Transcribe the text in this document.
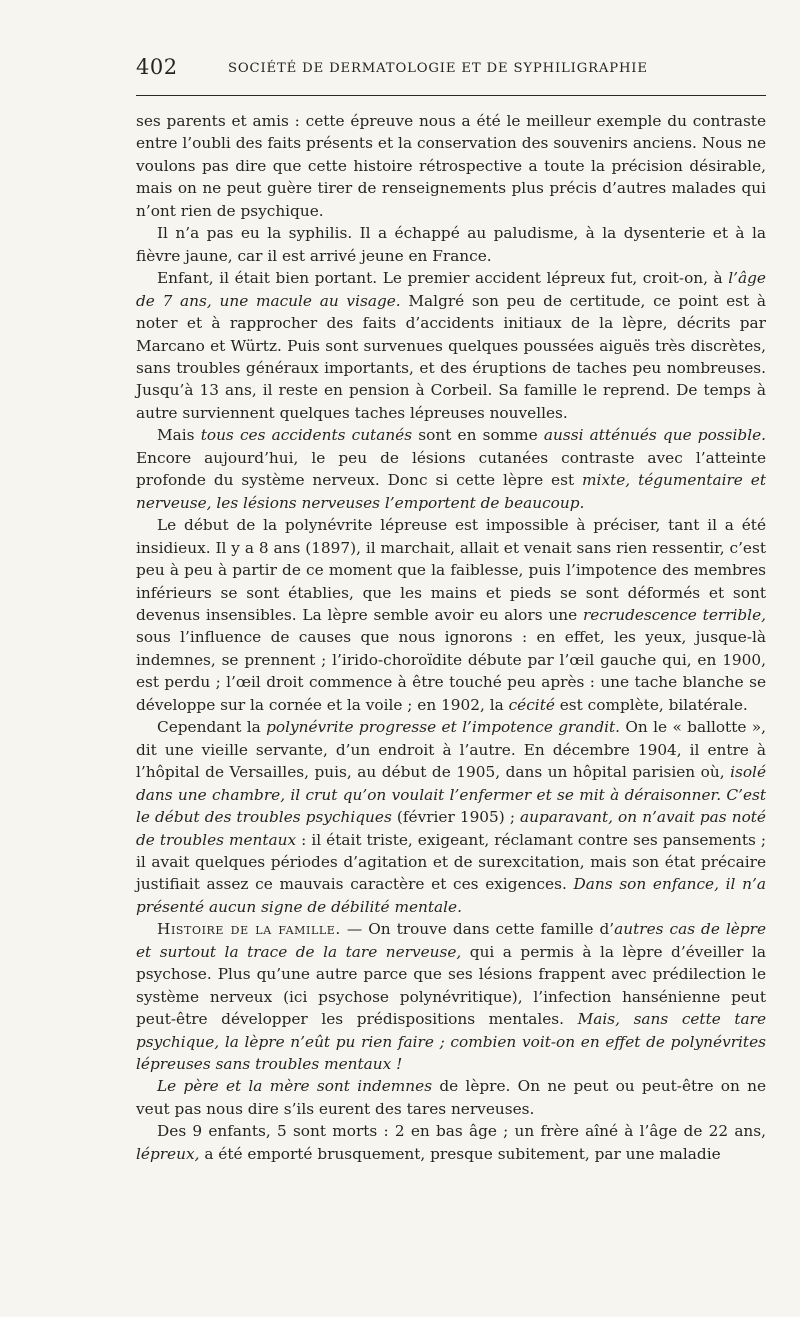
402	SOCIÉTÉ DE DERMATOLOGIE ET DE SYPHILIGRAPHIE

ses parents et amis : cette épreuve nous a été le meilleur exemple du contraste entre l’oubli des faits présents et la conservation des souvenirs anciens. Nous ne voulons pas dire que cette histoire rétrospective a toute la précision désirable, mais on ne peut guère tirer de renseignements plus précis d’autres malades qui n’ont rien de psychique.

Il n’a pas eu la syphilis. Il a échappé au paludisme, à la dysenterie et à la fièvre jaune, car il est arrivé jeune en France.

Enfant, il était bien portant. Le premier accident lépreux fut, croit-on, à l’âge de 7 ans, une macule au visage. Malgré son peu de certitude, ce point est à noter et à rapprocher des faits d’accidents initiaux de la lèpre, décrits par Marcano et Würtz. Puis sont survenues quelques poussées aiguës très discrètes, sans troubles généraux importants, et des éruptions de taches peu nombreuses. Jusqu’à 13 ans, il reste en pension à Corbeil. Sa famille le reprend. De temps à autre surviennent quelques taches lépreuses nouvelles.

Mais tous ces accidents cutanés sont en somme aussi atténués que possible. Encore aujourd’hui, le peu de lésions cutanées contraste avec l’atteinte profonde du système nerveux. Donc si cette lèpre est mixte, tégumentaire et nerveuse, les lésions nerveuses l’emportent de beaucoup.

Le début de la polynévrite lépreuse est impossible à préciser, tant il a été insidieux. Il y a 8 ans (1897), il marchait, allait et venait sans rien ressentir, c’est peu à peu à partir de ce moment que la faiblesse, puis l’impotence des membres inférieurs se sont établies, que les mains et pieds se sont déformés et sont devenus insensibles. La lèpre semble avoir eu alors une recrudescence terrible, sous l’influence de causes que nous ignorons : en effet, les yeux, jusque-là indemnes, se prennent ; l’irido-choroïdite débute par l’œil gauche qui, en 1900, est perdu ; l’œil droit commence à être touché peu après : une tache blanche se développe sur la cornée et la voile ; en 1902, la cécité est complète, bilatérale.

Cependant la polynévrite progresse et l’impotence grandit. On le « ballotte », dit une vieille servante, d’un endroit à l’autre. En décembre 1904, il entre à l’hôpital de Versailles, puis, au début de 1905, dans un hôpital parisien où, isolé dans une chambre, il crut qu’on voulait l’enfermer et se mit à déraisonner. C’est le début des troubles psychiques (février 1905) ; auparavant, on n’avait pas noté de troubles mentaux : il était triste, exigeant, réclamant contre ses pansements ; il avait quelques périodes d’agitation et de surexcitation, mais son état précaire justifiait assez ce mauvais caractère et ces exigences. Dans son enfance, il n’a présenté aucun signe de débilité mentale.

Histoire de la famille. — On trouve dans cette famille d’autres cas de lèpre et surtout la trace de la tare nerveuse, qui a permis à la lèpre d’éveiller la psychose. Plus qu’une autre parce que ses lésions frappent avec prédilection le système nerveux (ici psychose polynévritique), l’infection hansénienne peut peut-être développer les prédispositions mentales. Mais, sans cette tare psychique, la lèpre n’eût pu rien faire ; combien voit-on en effet de polynévrites lépreuses sans troubles mentaux !

Le père et la mère sont indemnes de lèpre. On ne peut ou peut-être on ne veut pas nous dire s’ils eurent des tares nerveuses.

Des 9 enfants, 5 sont morts : 2 en bas âge ; un frère aîné à l’âge de 22 ans, lépreux, a été emporté brusquement, presque subitement, par une maladie
